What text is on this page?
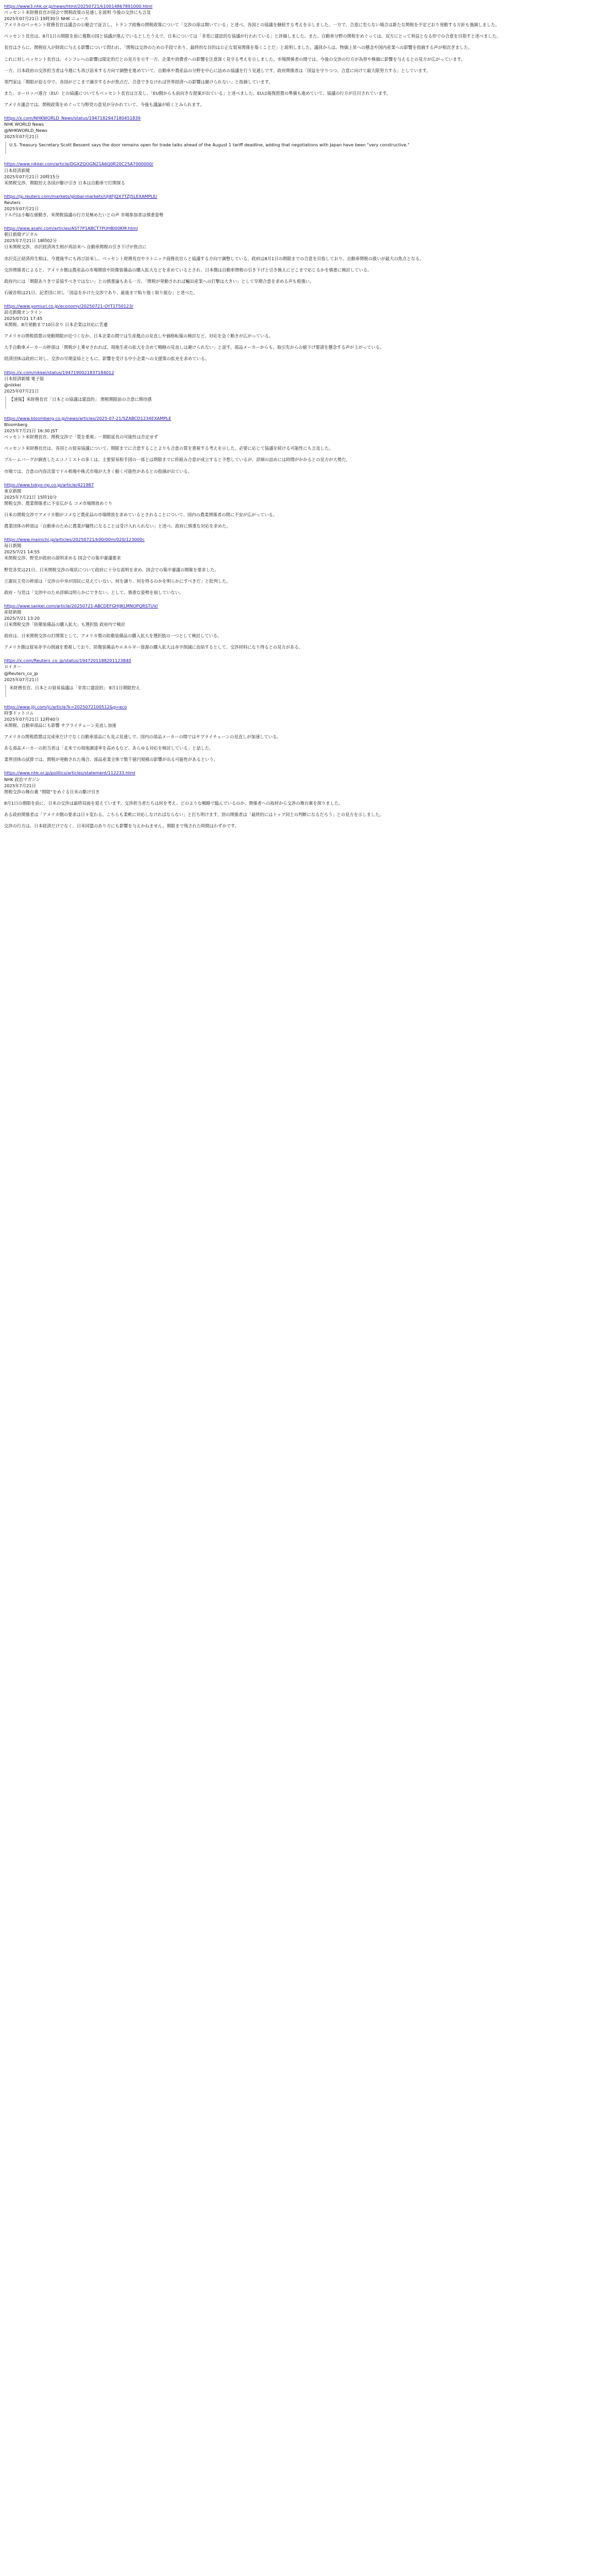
https://www3.nhk.or.jp/news/html/20250721/k10014867891000.html
ベッセント米財務長官が国会で関税政策の見通しを説明 今後の交渉にも言及
2025年07月21日 19時30分 NHK ニュース

アメリカのベッセント財務長官は議会の公聴会で証言し、トランプ政権の関税政策について「交渉の扉は開いている」と述べ、各国との協議を継続する考えを示しました。一方で、合意に至らない場合は新たな関税を予定どおり発動する方針も強調しました。

ベッセント長官は、8月1日の期限を前に複数の国と協議が進んでいるとしたうえで、日本については「非常に建設的な協議が行われている」と評価しました。また、自動車分野の関税をめぐっては、双方にとって利益となる形での合意を目指すと述べました。

長官はさらに、関税収入が財政に与える影響について問われ、「関税は交渉のための手段であり、最終的な目的は公正な貿易関係を築くことだ」と説明しました。議員からは、物価上昇への懸念や国内産業への影響を指摘する声が相次ぎました。

これに対しベッセント長官は、インフレへの影響は限定的だとの見方を示す一方、企業や消費者への影響を注意深く見守る考えを示しました。市場関係者の間では、今後の交渉の行方が為替や株価に影響を与えるとの見方が広がっています。

一方、日本政府の交渉担当者は今週にも再び訪米する方向で調整を進めていて、自動車や農産品の分野を中心に詰めの協議を行う見通しです。政府関係者は「国益を守りつつ、合意に向けて最大限努力する」としています。

専門家は「期限が迫る中で、各国がどこまで譲歩するかが焦点だ。合意できなければ世界経済への影響は避けられない」と指摘しています。

また、ヨーロッパ連合（EU）との協議についてもベッセント長官は言及し、「EU側からも前向きな提案が出ている」と述べました。EUは報復措置の準備も進めていて、協議の行方が注目されています。

アメリカ議会では、関税政策をめぐって与野党の意見が分かれていて、今後も議論が続くとみられます。

https://x.com/NHKWORLD_News/status/1947182947180451839
NHK WORLD News
@NHKWORLD_News
2025年07月21日

U.S. Treasury Secretary Scott Bessent says the door remains open for trade talks ahead of the August 1 tariff deadline, adding that negotiations with Japan have been "very constructive."

https://www.nikkei.com/article/DGXZQOGN21A6Q0R20C25A7000000/
日本経済新聞
2025年07月21日 20時15分

米関税交渉、期限控え各国が駆け引き 日本は自動車で打開探る

https://jp.reuters.com/markets/global-markets/UJ4FJQX7TZJ5LEXAMPLE/
Reuters
2025年07月21日

ドル円は小幅な値動き、米関税協議の行方見極めたいとの声 市場参加者は慎重姿勢

https://www.asahi.com/articles/AST7P1ABCT7PUHBI00KM.html
朝日新聞デジタル
2025年7月21日 18時02分

日米関税交渉、赤沢経済再生相が再訪米へ 自動車関税の引き下げが焦点に

赤沢亮正経済再生相は、今週後半にも再び訪米し、ベッセント財務長官やラトニック商務長官らと協議する方向で調整している。政府は8月1日の期限までの合意を目指しており、自動車関税の扱いが最大の焦点となる。

交渉関係者によると、アメリカ側は農産品の市場開放や防衛装備品の購入拡大などを求めているとされ、日本側は自動車関税の引き下げと引き換えにどこまで応じるかを慎重に検討している。

政府内には「期限ありきで妥協すべきではない」との慎重論もある一方、「関税が発動されれば輸出産業への打撃は大きい」として早期合意を求める声も根強い。

石破首相は21日、記者団に対し「国益をかけた交渉であり、最後まで粘り強く取り組む」と述べた。

https://www.yomiuri.co.jp/economy/20250721-OYT1T50123/
読売新聞オンライン
2025/07/21 17:45

米関税、8月発動まで10日余り 日本企業は対応に苦慮

アメリカの関税措置の発動期限が近づくなか、日本企業の間では生産拠点の見直しや価格転嫁の検討など、対応を急ぐ動きが広がっている。

大手自動車メーカーの幹部は「関税が上乗せされれば、現地生産の拡大を含めて戦略の見直しは避けられない」と話す。部品メーカーからも、取引先からの値下げ要請を懸念する声が上がっている。

経済団体は政府に対し、交渉の早期妥結とともに、影響を受ける中小企業への支援策の拡充を求めている。

https://x.com/nikkei/status/1947190021837184012
日本経済新聞 電子版
@nikkei
2025年07月21日

【速報】米財務長官「日本との協議は建設的」 関税期限前の合意に期待感

https://www.bloomberg.co.jp/news/articles/2025-07-21/SZABCD1234EXAMPLE
Bloomberg
2025年7月21日 16:30 JST

ベッセント米財務長官、関税交渉で「質を重視」－期限延長の可能性は否定せず

ベッセント米財務長官は、各国との貿易協議について、期限までに合意することよりも合意の質を重視する考えを示した。必要に応じて協議を続ける可能性にも言及した。

ブルームバーグが調査したエコノミストの多くは、主要貿易相手国の一部とは期限までに枠組み合意が成立すると予想しているが、詳細の詰めには時間がかかるとの見方が大勢だ。

市場では、合意の内容次第でドル相場や株式市場が大きく動く可能性があるとの指摘が出ている。

https://www.tokyo-np.co.jp/article/421987
東京新聞
2025年7月21日 15時10分

関税交渉、農業関係者に不安広がる コメ市場開放めぐり

日米の関税交渉でアメリカ側がコメなど農産品の市場開放を求めているとされることについて、国内の農業関係者の間に不安が広がっている。

農業団体の幹部は「自動車のために農業が犠牲になることは受け入れられない」と述べ、政府に慎重な対応を求めた。

https://www.mainichi.jp/articles/20250721/k00/00m/020/123000c
毎日新聞
2025/7/21 14:55

米関税交渉、野党が政府の説明求める 国会での集中審議要求

野党各党は21日、日米関税交渉の現状について政府に十分な説明を求め、国会での集中審議の開催を要求した。

立憲民主党の幹部は「交渉の中身が国民に見えていない。何を譲り、何を得るのかを明らかにすべきだ」と批判した。

政府・与党は「交渉中のため詳細は明らかにできない」として、慎重な姿勢を崩していない。

https://www.sankei.com/article/20250721-ABCDEFGHIJKLMNOPQRSTUV/
産経新聞
2025/7/21 13:20

日米関税交渉「防衛装備品の購入拡大」も選択肢 政府内で検討

政府は、日米関税交渉の打開策として、アメリカ製の防衛装備品の購入拡大を選択肢の一つとして検討している。

アメリカ側は貿易赤字の削減を重視しており、防衛装備品やエネルギー資源の購入拡大は赤字削減に直結するとして、交渉材料になり得るとの見方がある。

https://x.com/Reuters_co_jp/status/1947201188201123840
ロイター
@Reuters_co_jp
2025年07月21日

米財務長官、日本との貿易協議は「非常に建設的」 8月1日期限控え

https://www.jiji.com/jc/article?k=2025072100512&g=eco
時事ドットコム
2025年07月21日 12時40分

米関税、自動車部品にも影響 サプライチェーン見直し加速

アメリカの関税措置は完成車だけでなく自動車部品にも及ぶ見通しで、国内の部品メーカーの間ではサプライチェーンの見直しが加速している。

ある部品メーカーの担当者は「北米での現地調達率を高めるなど、あらゆる対応を検討している」と話した。

業界団体の試算では、関税が発動された場合、部品産業全体で数千億円規模の影響が出る可能性があるという。

https://www.nhk.or.jp/politics/articles/statement/112233.html
NHK 政治マガジン
2025年7月21日

関税交渉の舞台裏 “期限”をめぐる日米の駆け引き

8月1日の期限を前に、日米の交渉は最終局面を迎えています。交渉担当者たちは何を考え、どのような戦略で臨んでいるのか。関係者への取材から交渉の舞台裏を探りました。

ある政府関係者は「アメリカ側の要求は日々変わる。こちらも柔軟に対応しなければならない」と打ち明けます。別の関係者は「最終的にはトップ同士の判断になるだろう」との見方を示しました。

交渉の行方は、日本経済だけでなく、日米同盟のあり方にも影響を与えかねません。期限まで残された時間はわずかです。
